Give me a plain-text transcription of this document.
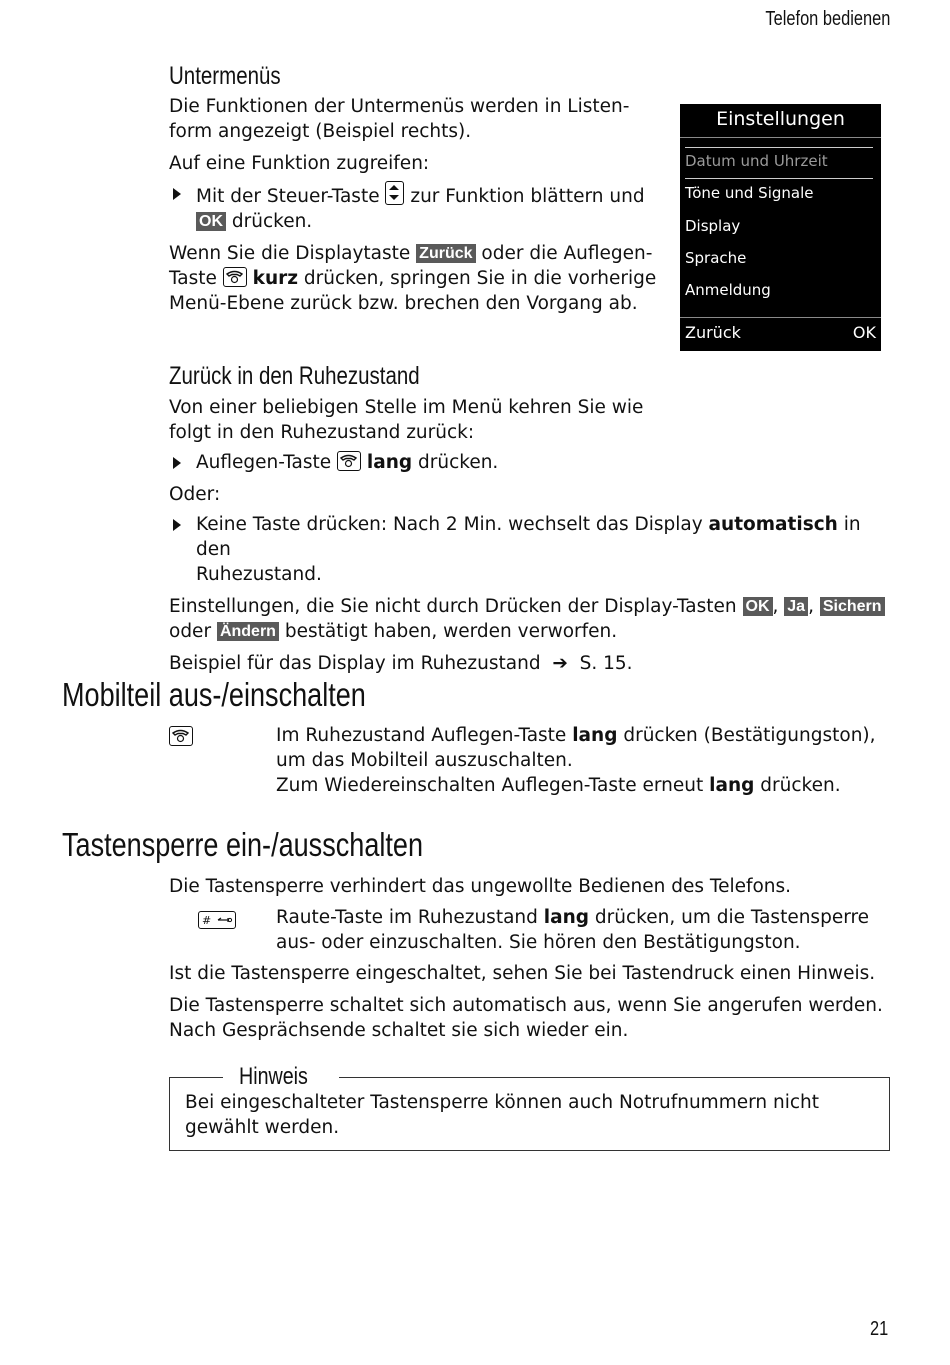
Telefon bedienen
Untermenüs

Die Funktionen der Untermenüs werden in Listen-

form angezeigt (Beispiel rechts).

Auf eine Funktion zugreifen:

Mit der Steuer-Taste zur Funktion blättern und
OK drücken.

Wenn Sie die Displaytaste Zurück oder die Auflegen-
Taste kurz drücken, springen Sie in die vorherige
Menü-Ebene zurück bzw. brechen den Vorgang ab.

Einstellungen
Datum und Uhrzeit
Töne und Signale
Display
Sprache
Anmeldung
Zurück	OK
Zurück in den Ruhezustand

Von einer beliebigen Stelle im Menü kehren Sie wie

folgt in den Ruhezustand zurück:

Auflegen-Taste lang drücken.

Oder:

Keine Taste drücken: Nach 2 Min. wechselt das Display automatisch in den
Ruhezustand.

Einstellungen, die Sie nicht durch Drücken der Display-Tasten OK , Ja , Sichern
oder Ändern bestätigt haben, werden verworfen.

Beispiel für das Display im Ruhezustand  ➔  S. 15.

Mobilteil aus-/einschalten

Im Ruhezustand Auflegen-Taste lang drücken (Bestätigungston),

um das Mobilteil auszuschalten.

Zum Wiedereinschalten Auflegen-Taste erneut lang drücken.

Tastensperre ein-/ausschalten
Die Tastensperre verhindert das ungewollte Bedienen des Telefons.
#	Raute-Taste im Ruhezustand lang drücken, um die Tastensperre

aus- oder einzuschalten. Sie hören den Bestätigungston.

Ist die Tastensperre eingeschaltet, sehen Sie bei Tastendruck einen Hinweis.

Die Tastensperre schaltet sich automatisch aus, wenn Sie angerufen werden.

Nach Gesprächsende schaltet sie sich wieder ein.

Hinweis

Bei eingeschalteter Tastensperre können auch Notrufnummern nicht

gewählt werden.

21
